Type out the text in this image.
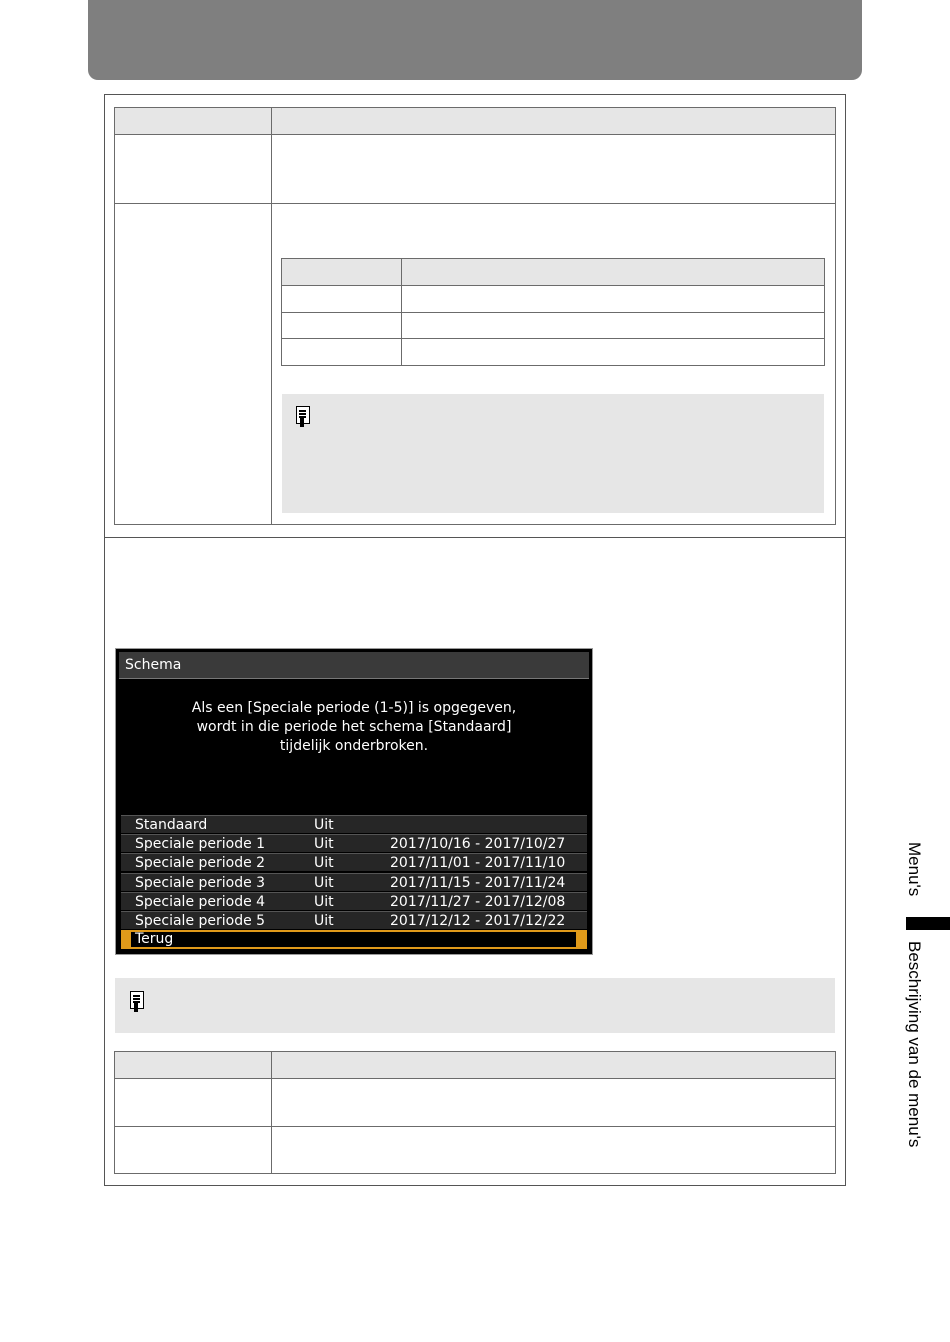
Schema
Als een [Speciale periode (1-5)] is opgegeven,
wordt in die periode het schema [Standaard]
tijdelijk onderbroken.
Standaard	Uit
Speciale periode 1	Uit	2017/10/16 - 2017/10/27
Speciale periode 2	Uit	2017/11/01 - 2017/11/10
Speciale periode 3	Uit	2017/11/15 - 2017/11/24
Speciale periode 4	Uit	2017/11/27 - 2017/12/08
Speciale periode 5	Uit	2017/12/12 - 2017/12/22
Terug

Menu's
Beschrijving van de menu's
